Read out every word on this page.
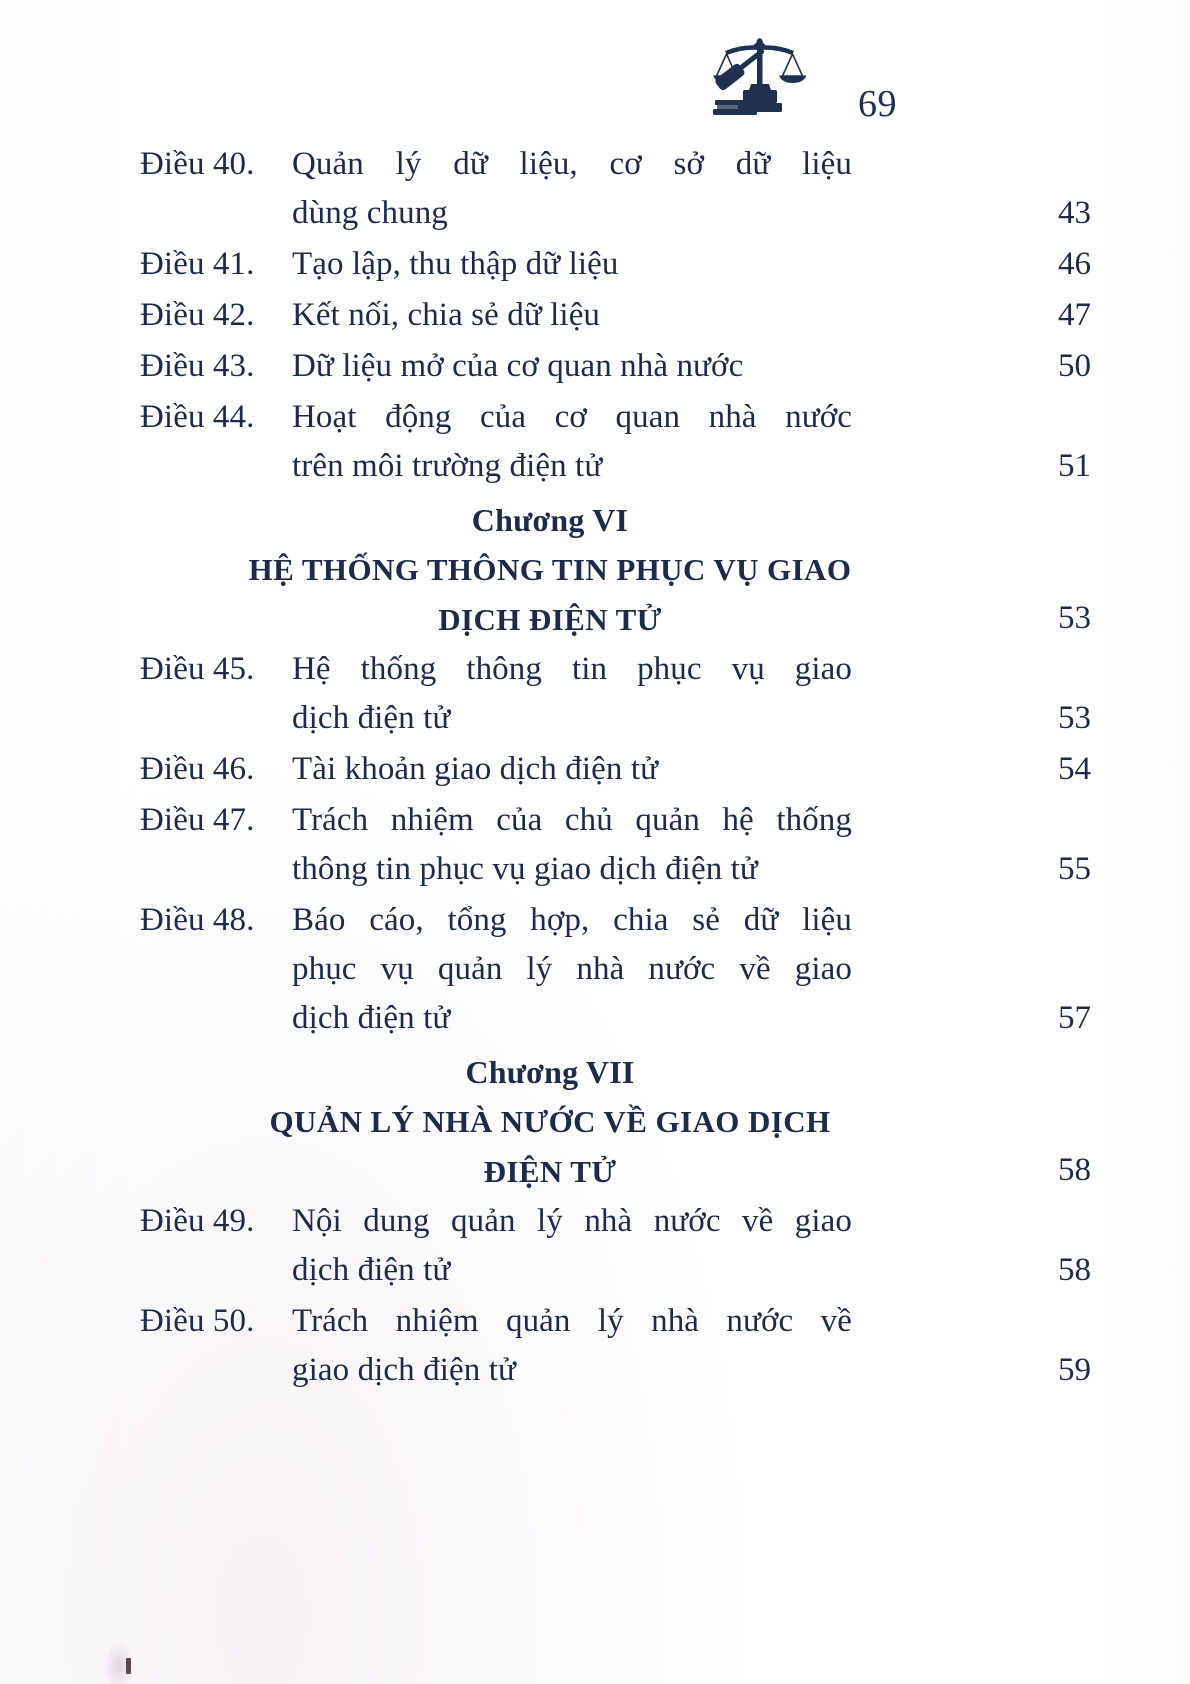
69
Điều 40.	Quản lý dữ liệu, cơ sở dữ liệu
dùng chung	43
Điều 41.	Tạo lập, thu thập dữ liệu	46
Điều 42.	Kết nối, chia sẻ dữ liệu	47
Điều 43.	Dữ liệu mở của cơ quan nhà nước	50
Điều 44.	Hoạt động của cơ quan nhà nước
trên môi trường điện tử	51
Chương VI
HỆ THỐNG THÔNG TIN PHỤC VỤ GIAO
DỊCH ĐIỆN TỬ	53
Điều 45.	Hệ thống thông tin phục vụ giao
dịch điện tử	53
Điều 46.	Tài khoản giao dịch điện tử	54
Điều 47.	Trách nhiệm của chủ quản hệ thống
thông tin phục vụ giao dịch điện tử	55
Điều 48.	Báo cáo, tổng hợp, chia sẻ dữ liệu
phục vụ quản lý nhà nước về giao
dịch điện tử	57
Chương VII
QUẢN LÝ NHÀ NƯỚC VỀ GIAO DỊCH
ĐIỆN TỬ	58
Điều 49.	Nội dung quản lý nhà nước về giao
dịch điện tử	58
Điều 50.	Trách nhiệm quản lý nhà nước về
giao dịch điện tử	59
